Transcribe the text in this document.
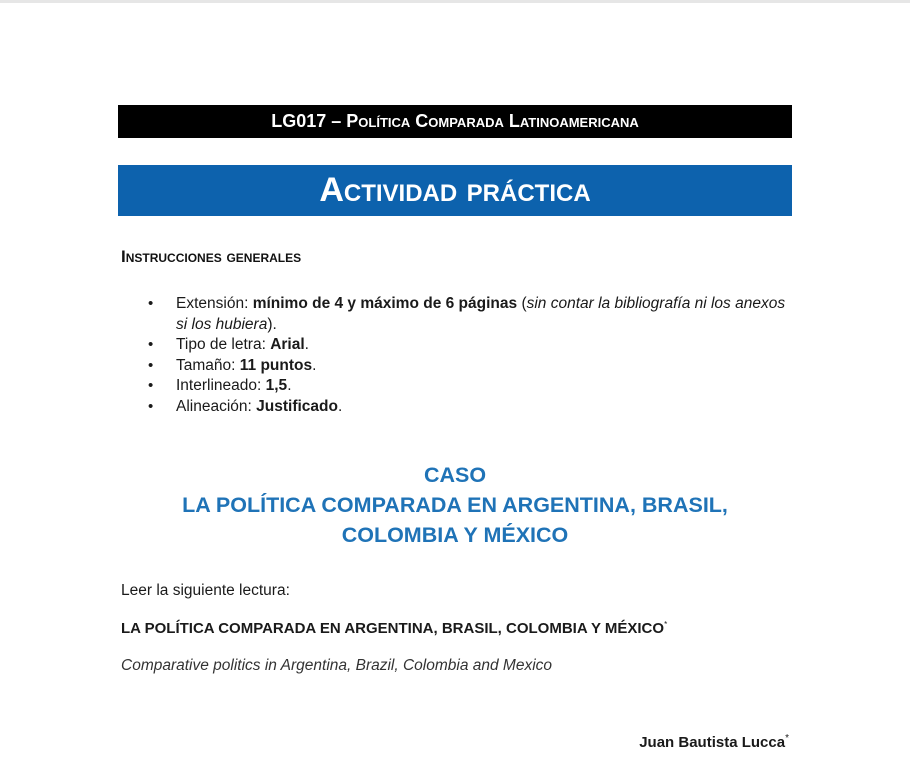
LG017 – Política Comparada Latinoamericana
Actividad práctica
Instrucciones generales
• Extensión: mínimo de 4 y máximo de 6 páginas (sin contar la bibliografía ni los anexos si los hubiera).
• Tipo de letra: Arial.
• Tamaño: 11 puntos.
• Interlineado: 1,5.
• Alineación: Justificado.
CASO
LA POLÍTICA COMPARADA EN ARGENTINA, BRASIL,
COLOMBIA Y MÉXICO
Leer la siguiente lectura:
LA POLÍTICA COMPARADA EN ARGENTINA, BRASIL, COLOMBIA Y MÉXICO*
Comparative politics in Argentina, Brazil, Colombia and Mexico
Juan Bautista Lucca*
